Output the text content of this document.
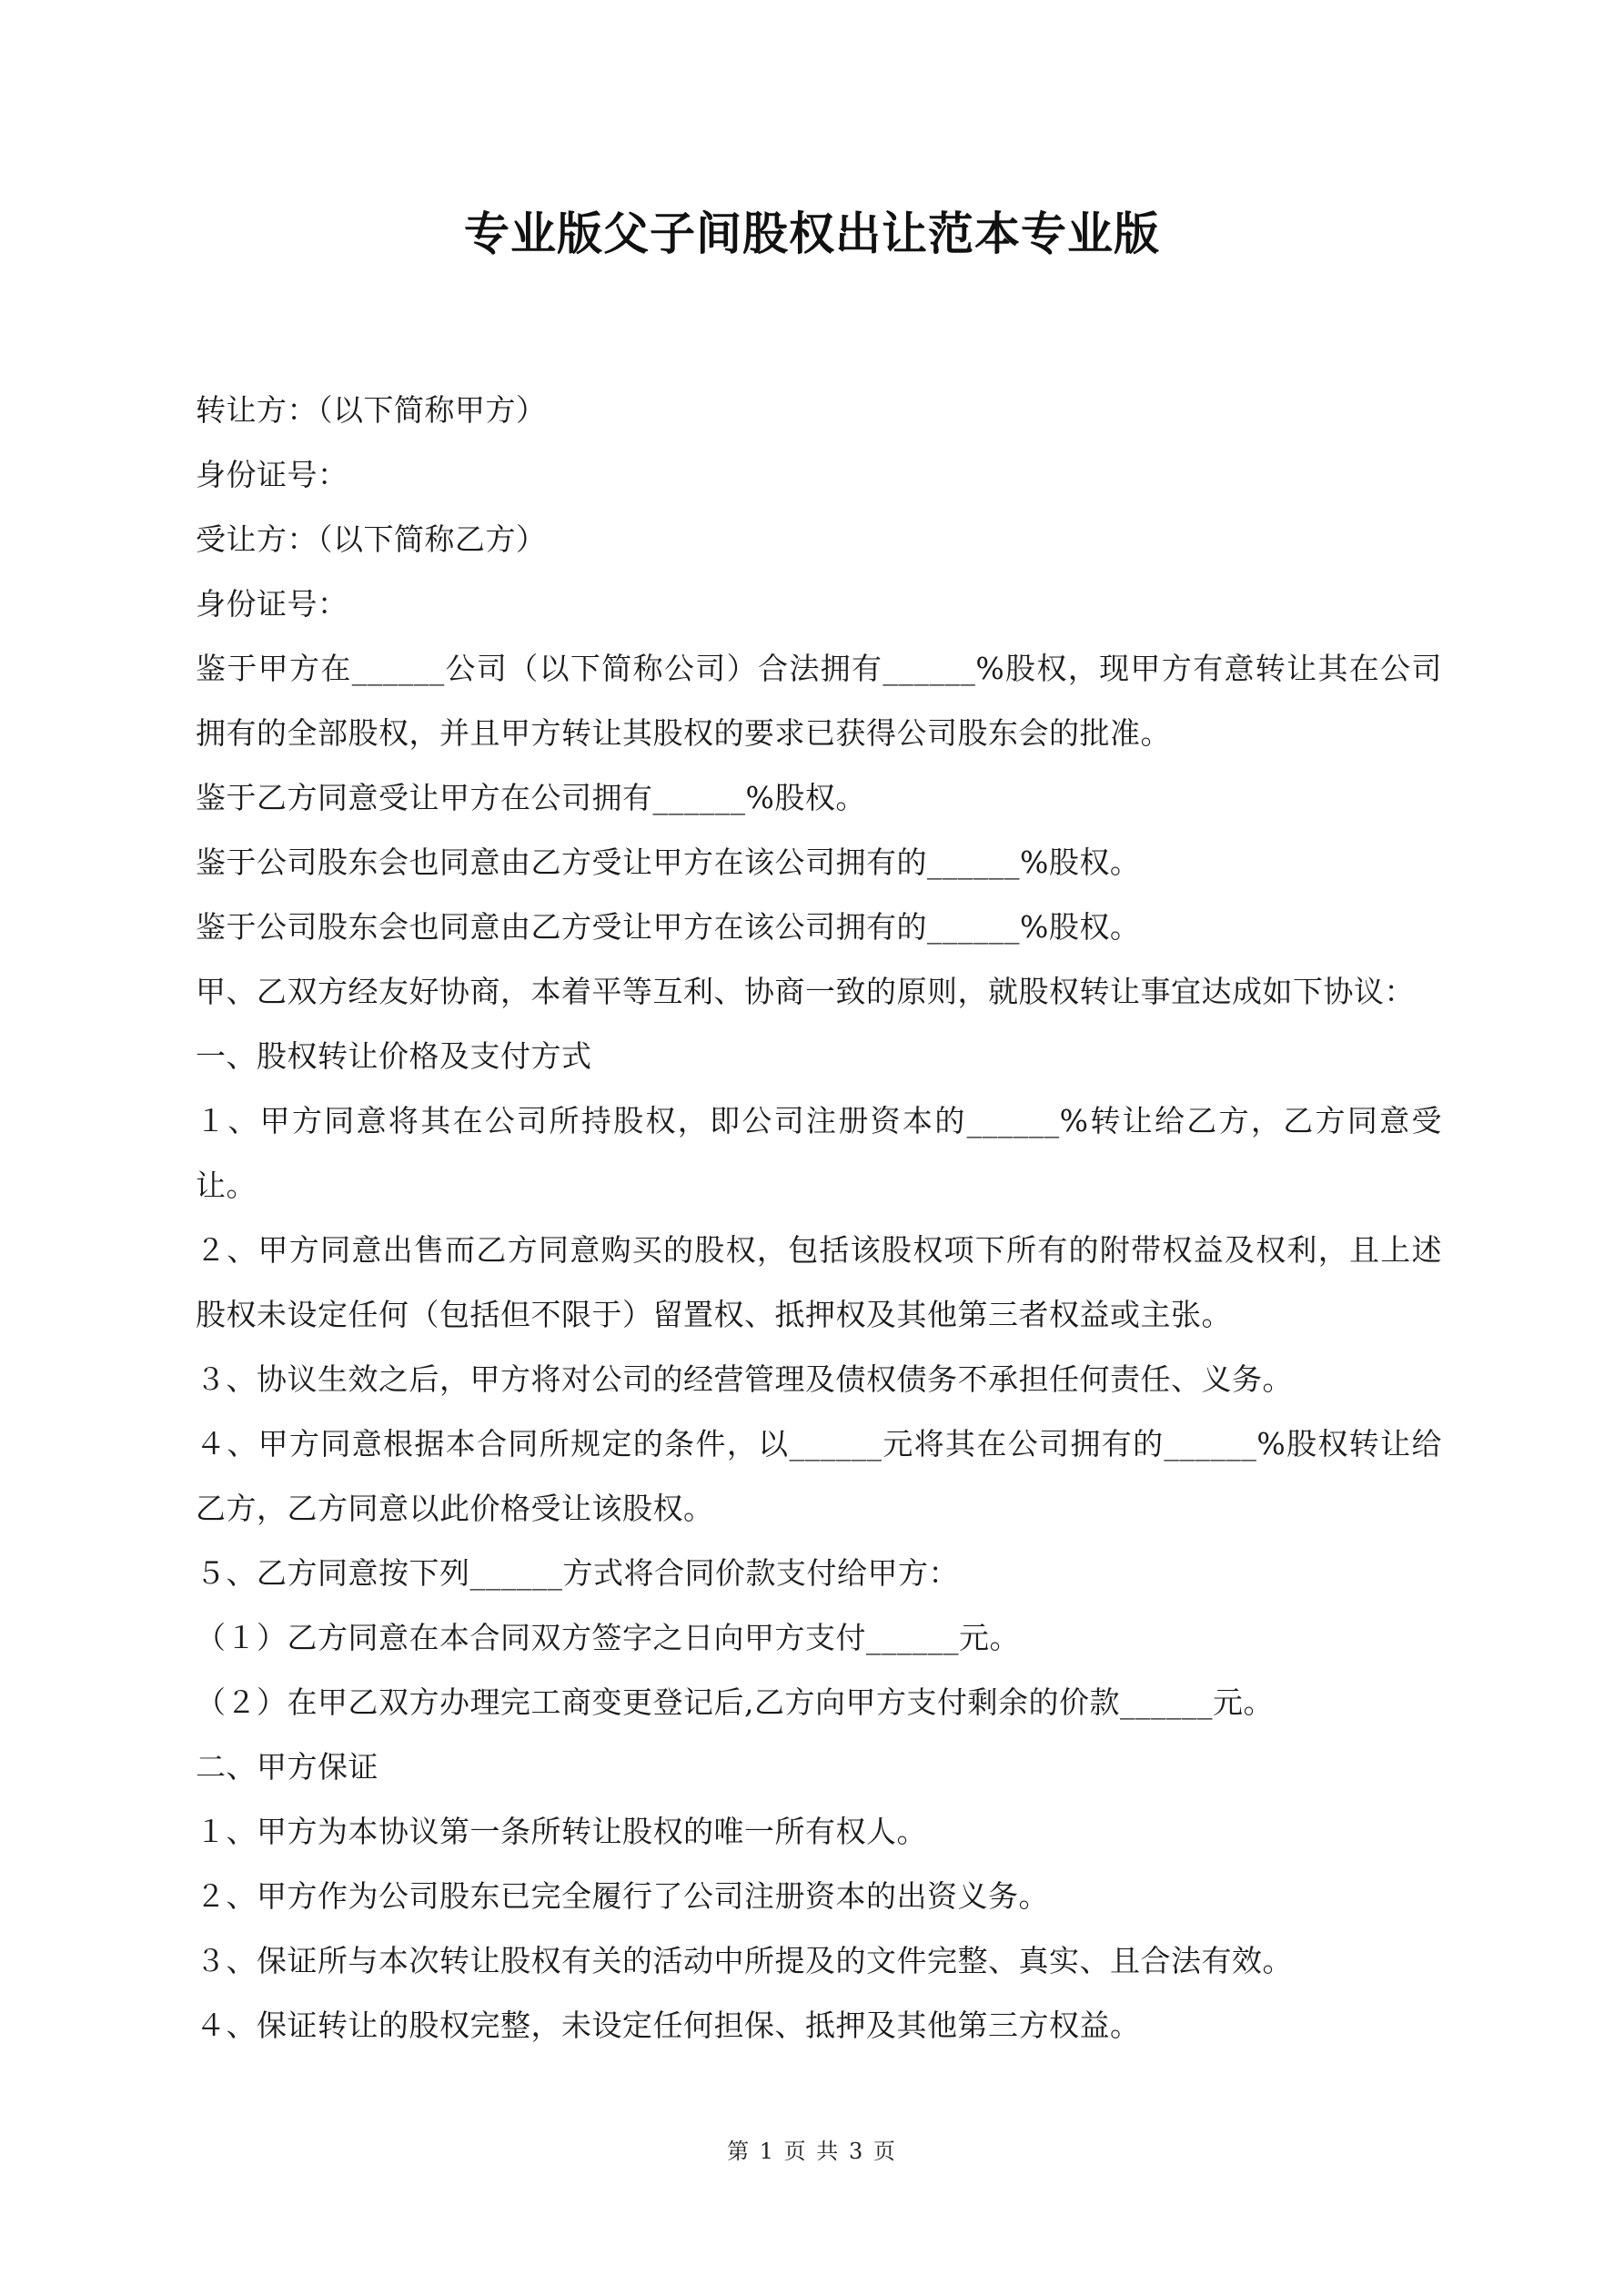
专业版父子间股权出让范本专业版

转让方：（以下简称甲方）

身份证号：

受让方：（以下简称乙方）

身份证号：

鉴于甲方在______公司（以下简称公司）合法拥有______%股权，现甲方有意转让其在公司拥有的全部股权，并且甲方转让其股权的要求已获得公司股东会的批准。

鉴于乙方同意受让甲方在公司拥有______%股权。

鉴于公司股东会也同意由乙方受让甲方在该公司拥有的______%股权。

鉴于公司股东会也同意由乙方受让甲方在该公司拥有的______%股权。

甲、乙双方经友好协商，本着平等互利、协商一致的原则，就股权转让事宜达成如下协议：

一、股权转让价格及支付方式

１、甲方同意将其在公司所持股权，即公司注册资本的______%转让给乙方，乙方同意受让。

２、甲方同意出售而乙方同意购买的股权，包括该股权项下所有的附带权益及权利，且上述股权未设定任何（包括但不限于）留置权、抵押权及其他第三者权益或主张。

３、协议生效之后，甲方将对公司的经营管理及债权债务不承担任何责任、义务。

４、甲方同意根据本合同所规定的条件，以______元将其在公司拥有的______%股权转让给乙方，乙方同意以此价格受让该股权。

５、乙方同意按下列______方式将合同价款支付给甲方：

（１）乙方同意在本合同双方签字之日向甲方支付______元。

（２）在甲乙双方办理完工商变更登记后,乙方向甲方支付剩余的价款______元。

二、甲方保证

１、甲方为本协议第一条所转让股权的唯一所有权人。

２、甲方作为公司股东已完全履行了公司注册资本的出资义务。

３、保证所与本次转让股权有关的活动中所提及的文件完整、真实、且合法有效。

４、保证转让的股权完整，未设定任何担保、抵押及其他第三方权益。

第 1 页 共 3 页
